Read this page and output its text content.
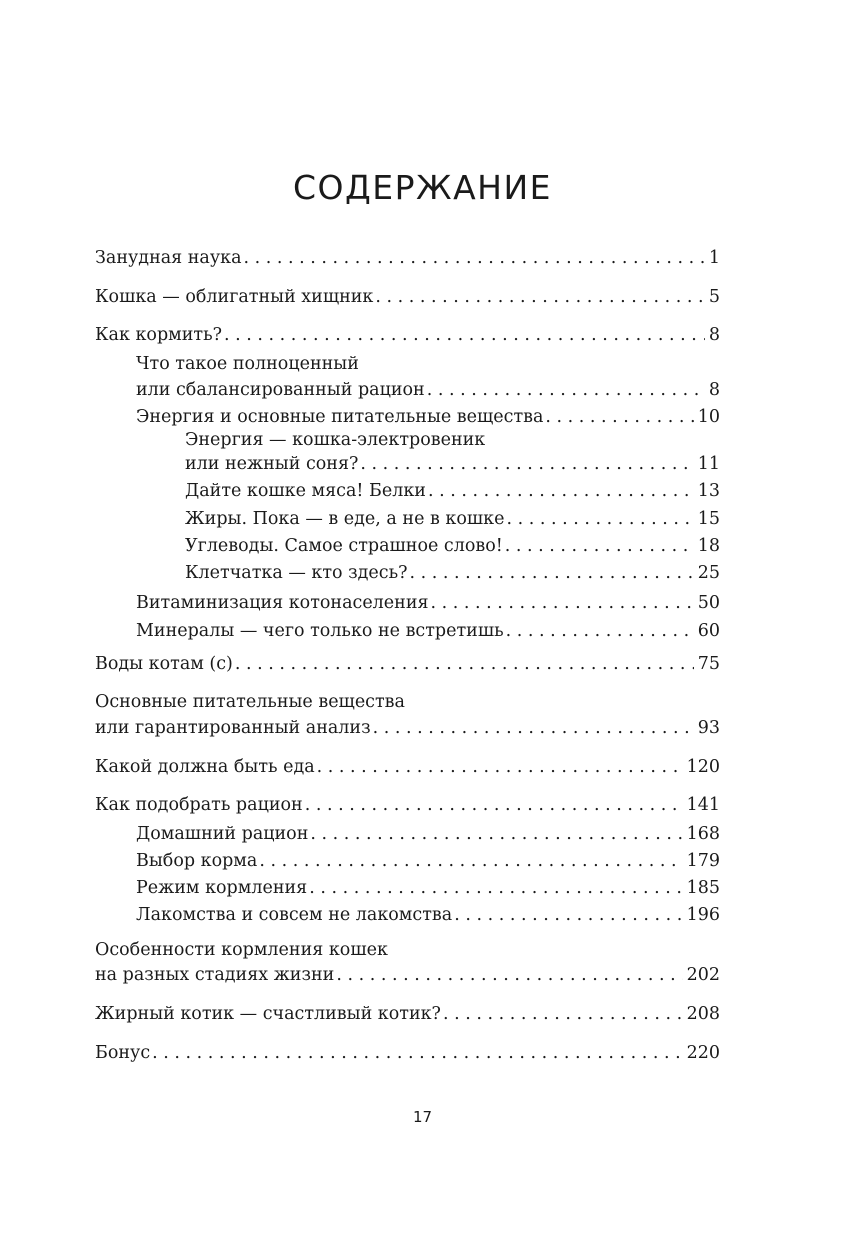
СОДЕРЖАНИЕ
Занудная наука . . .	1
Кошка — облигатный хищник . . .	5
Как кормить? . . .	8
Что такое полноценный
или сбалансированный рацион . . .	8
Энергия и основные питательные вещества . . .	10
Энергия — кошка-электровеник
или нежный соня? . . .	11
Дайте кошке мяса! Белки . . .	13
Жиры. Пока — в еде, а не в кошке . . .	15
Углеводы. Самое страшное слово! . . .	18
Клетчатка — кто здесь? . . .	25
Витаминизация котонаселения . . .	50
Минералы — чего только не встретишь . . .	60
Воды котам (с) . . .	75
Основные питательные вещества
или гарантированный анализ . . .	93
Какой должна быть еда . . .	120
Как подобрать рацион . . .	141
Домашний рацион . . .	168
Выбор корма . . .	179
Режим кормления . . .	185
Лакомства и совсем не лакомства . . .	196
Особенности кормления кошек
на разных стадиях жизни . . .	202
Жирный котик — счастливый котик? . . .	208
Бонус . . .	220
17
